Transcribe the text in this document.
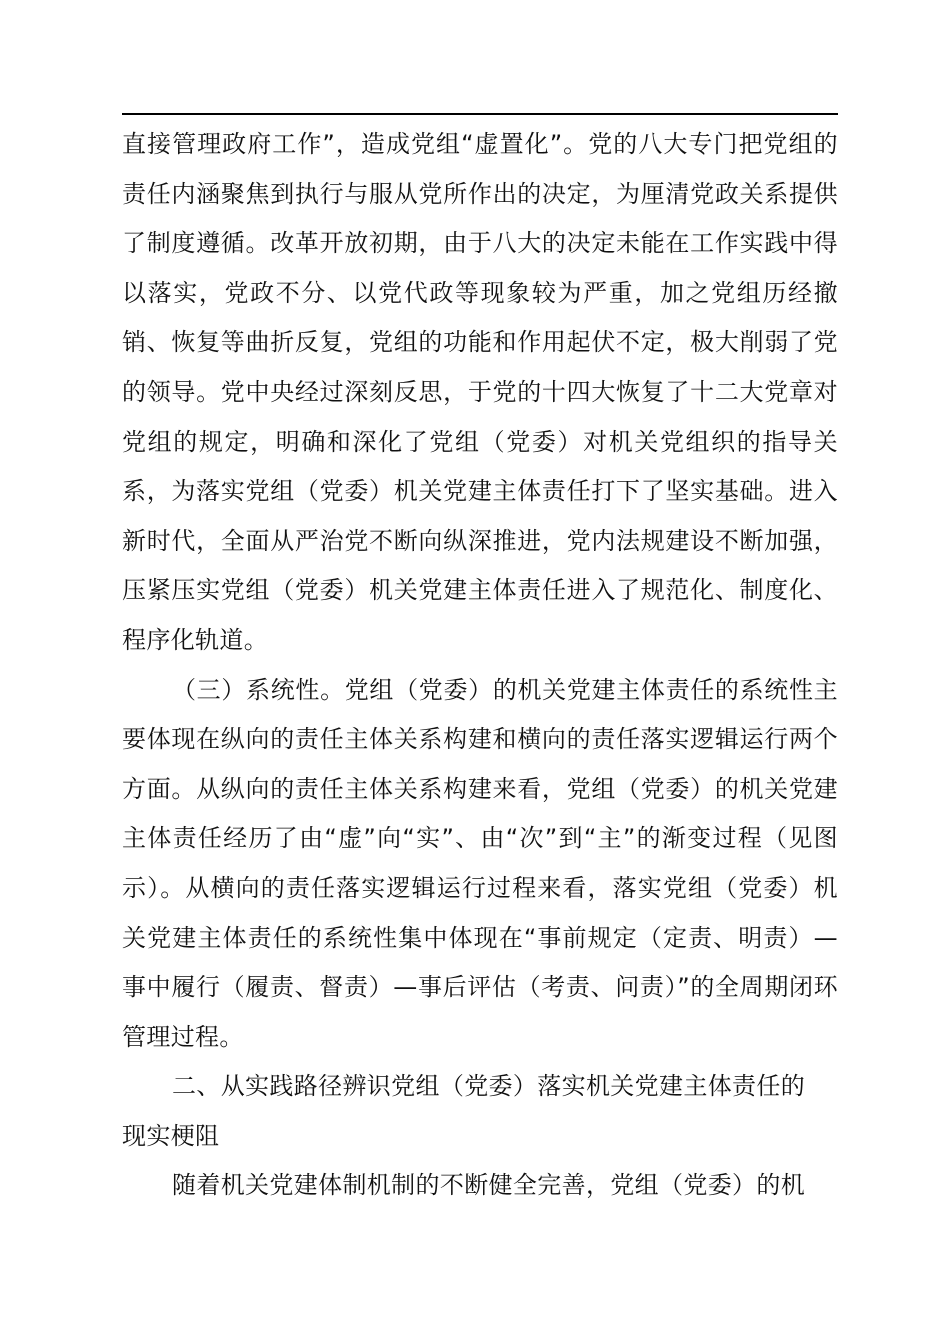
直接管理政府工作”，造成党组“虚置化”。党的八大专门把党组的责任内涵聚焦到执行与服从党所作出的决定，为厘清党政关系提供了制度遵循。改革开放初期，由于八大的决定未能在工作实践中得以落实，党政不分、以党代政等现象较为严重，加之党组历经撤销、恢复等曲折反复，党组的功能和作用起伏不定，极大削弱了党的领导。党中央经过深刻反思，于党的十四大恢复了十二大党章对党组的规定，明确和深化了党组（党委）对机关党组织的指导关系，为落实党组（党委）机关党建主体责任打下了坚实基础。进入新时代，全面从严治党不断向纵深推进，党内法规建设不断加强，压紧压实党组（党委）机关党建主体责任进入了规范化、制度化、程序化轨道。

（三）系统性。党组（党委）的机关党建主体责任的系统性主要体现在纵向的责任主体关系构建和横向的责任落实逻辑运行两个方面。从纵向的责任主体关系构建来看，党组（党委）的机关党建主体责任经历了由“虚”向“实”、由“次”到“主”的渐变过程（见图示）。从横向的责任落实逻辑运行过程来看，落实党组（党委）机关党建主体责任的系统性集中体现在“事前规定（定责、明责）—事中履行（履责、督责）—事后评估（考责、问责）”的全周期闭环管理过程。

二、从实践路径辨识党组（党委）落实机关党建主体责任的现实梗阻

随着机关党建体制机制的不断健全完善，党组（党委）的机
